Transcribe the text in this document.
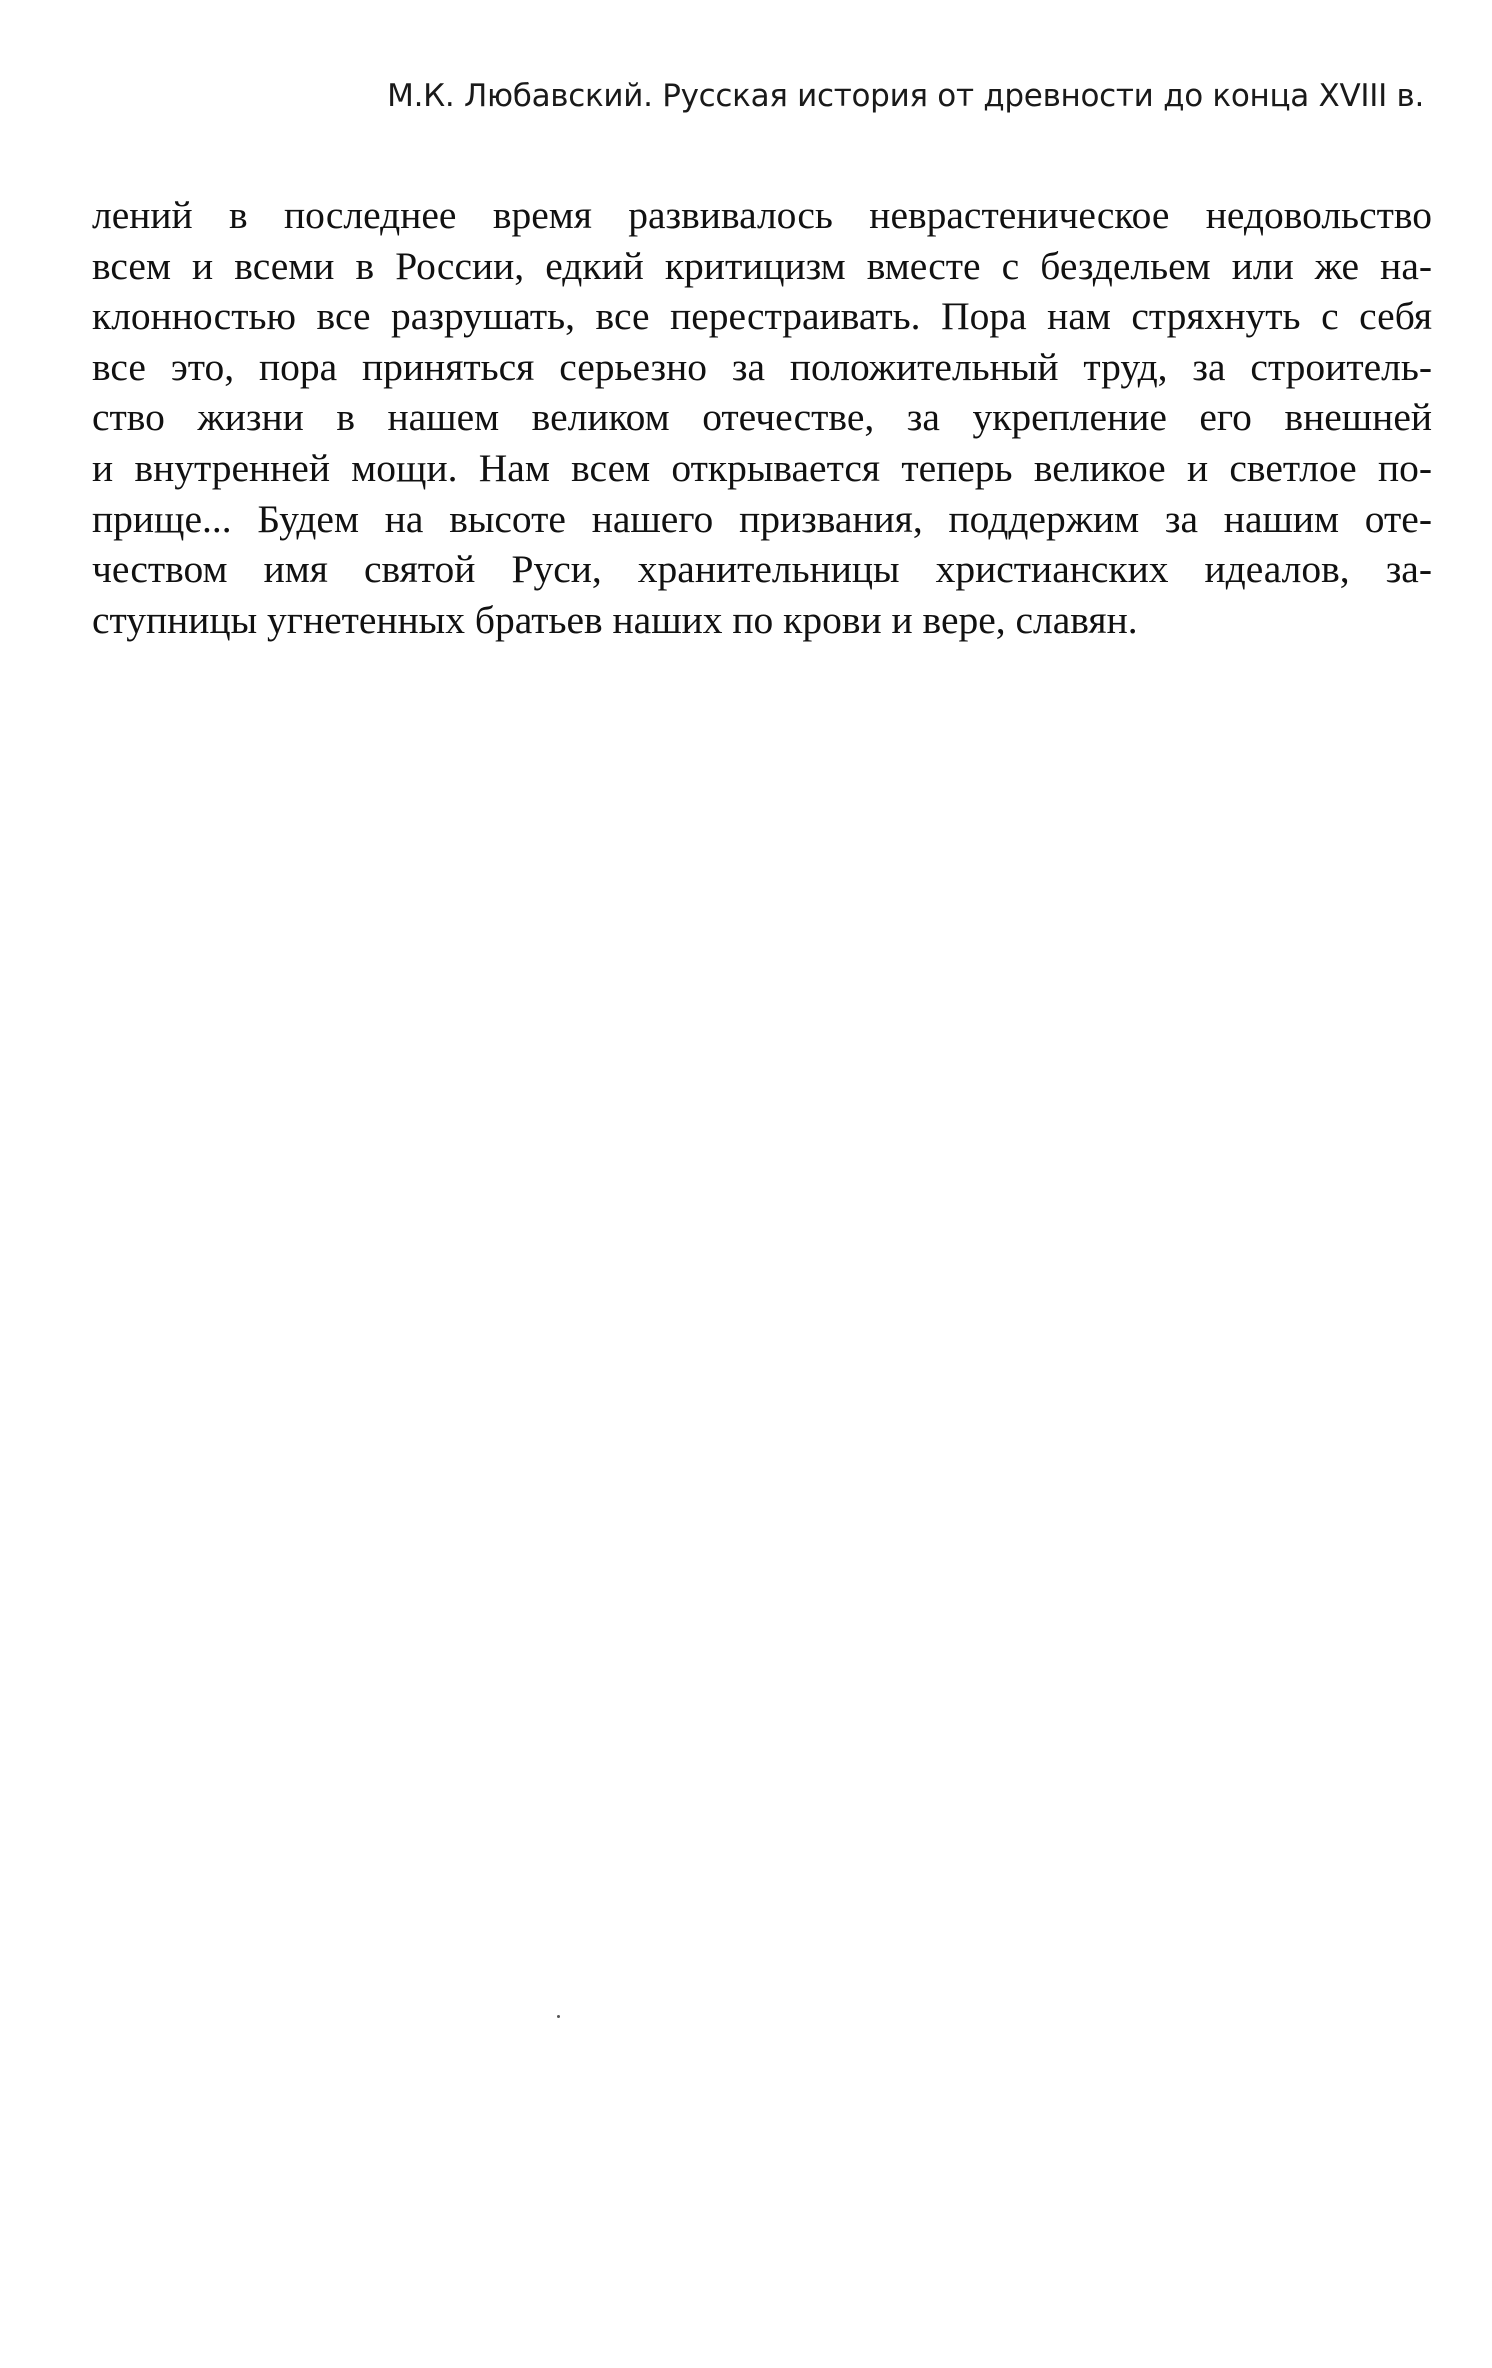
М.К. Любавский. Русская история от древности до конца XVIII в.
лений в последнее время развивалось неврастеническое недовольство
всем и всеми в России, едкий критицизм вместе с бездельем или же на-
клонностью все разрушать, все перестраивать. Пора нам стряхнуть с себя
все это, пора приняться серьезно за положительный труд, за строитель-
ство жизни в нашем великом отечестве, за укрепление его внешней
и внутренней мощи. Нам всем открывается теперь великое и светлое по-
прище... Будем на высоте нашего призвания, поддержим за нашим оте-
чеством имя святой Руси, хранительницы христианских идеалов, за-
ступницы угнетенных братьев наших по крови и вере, славян.
